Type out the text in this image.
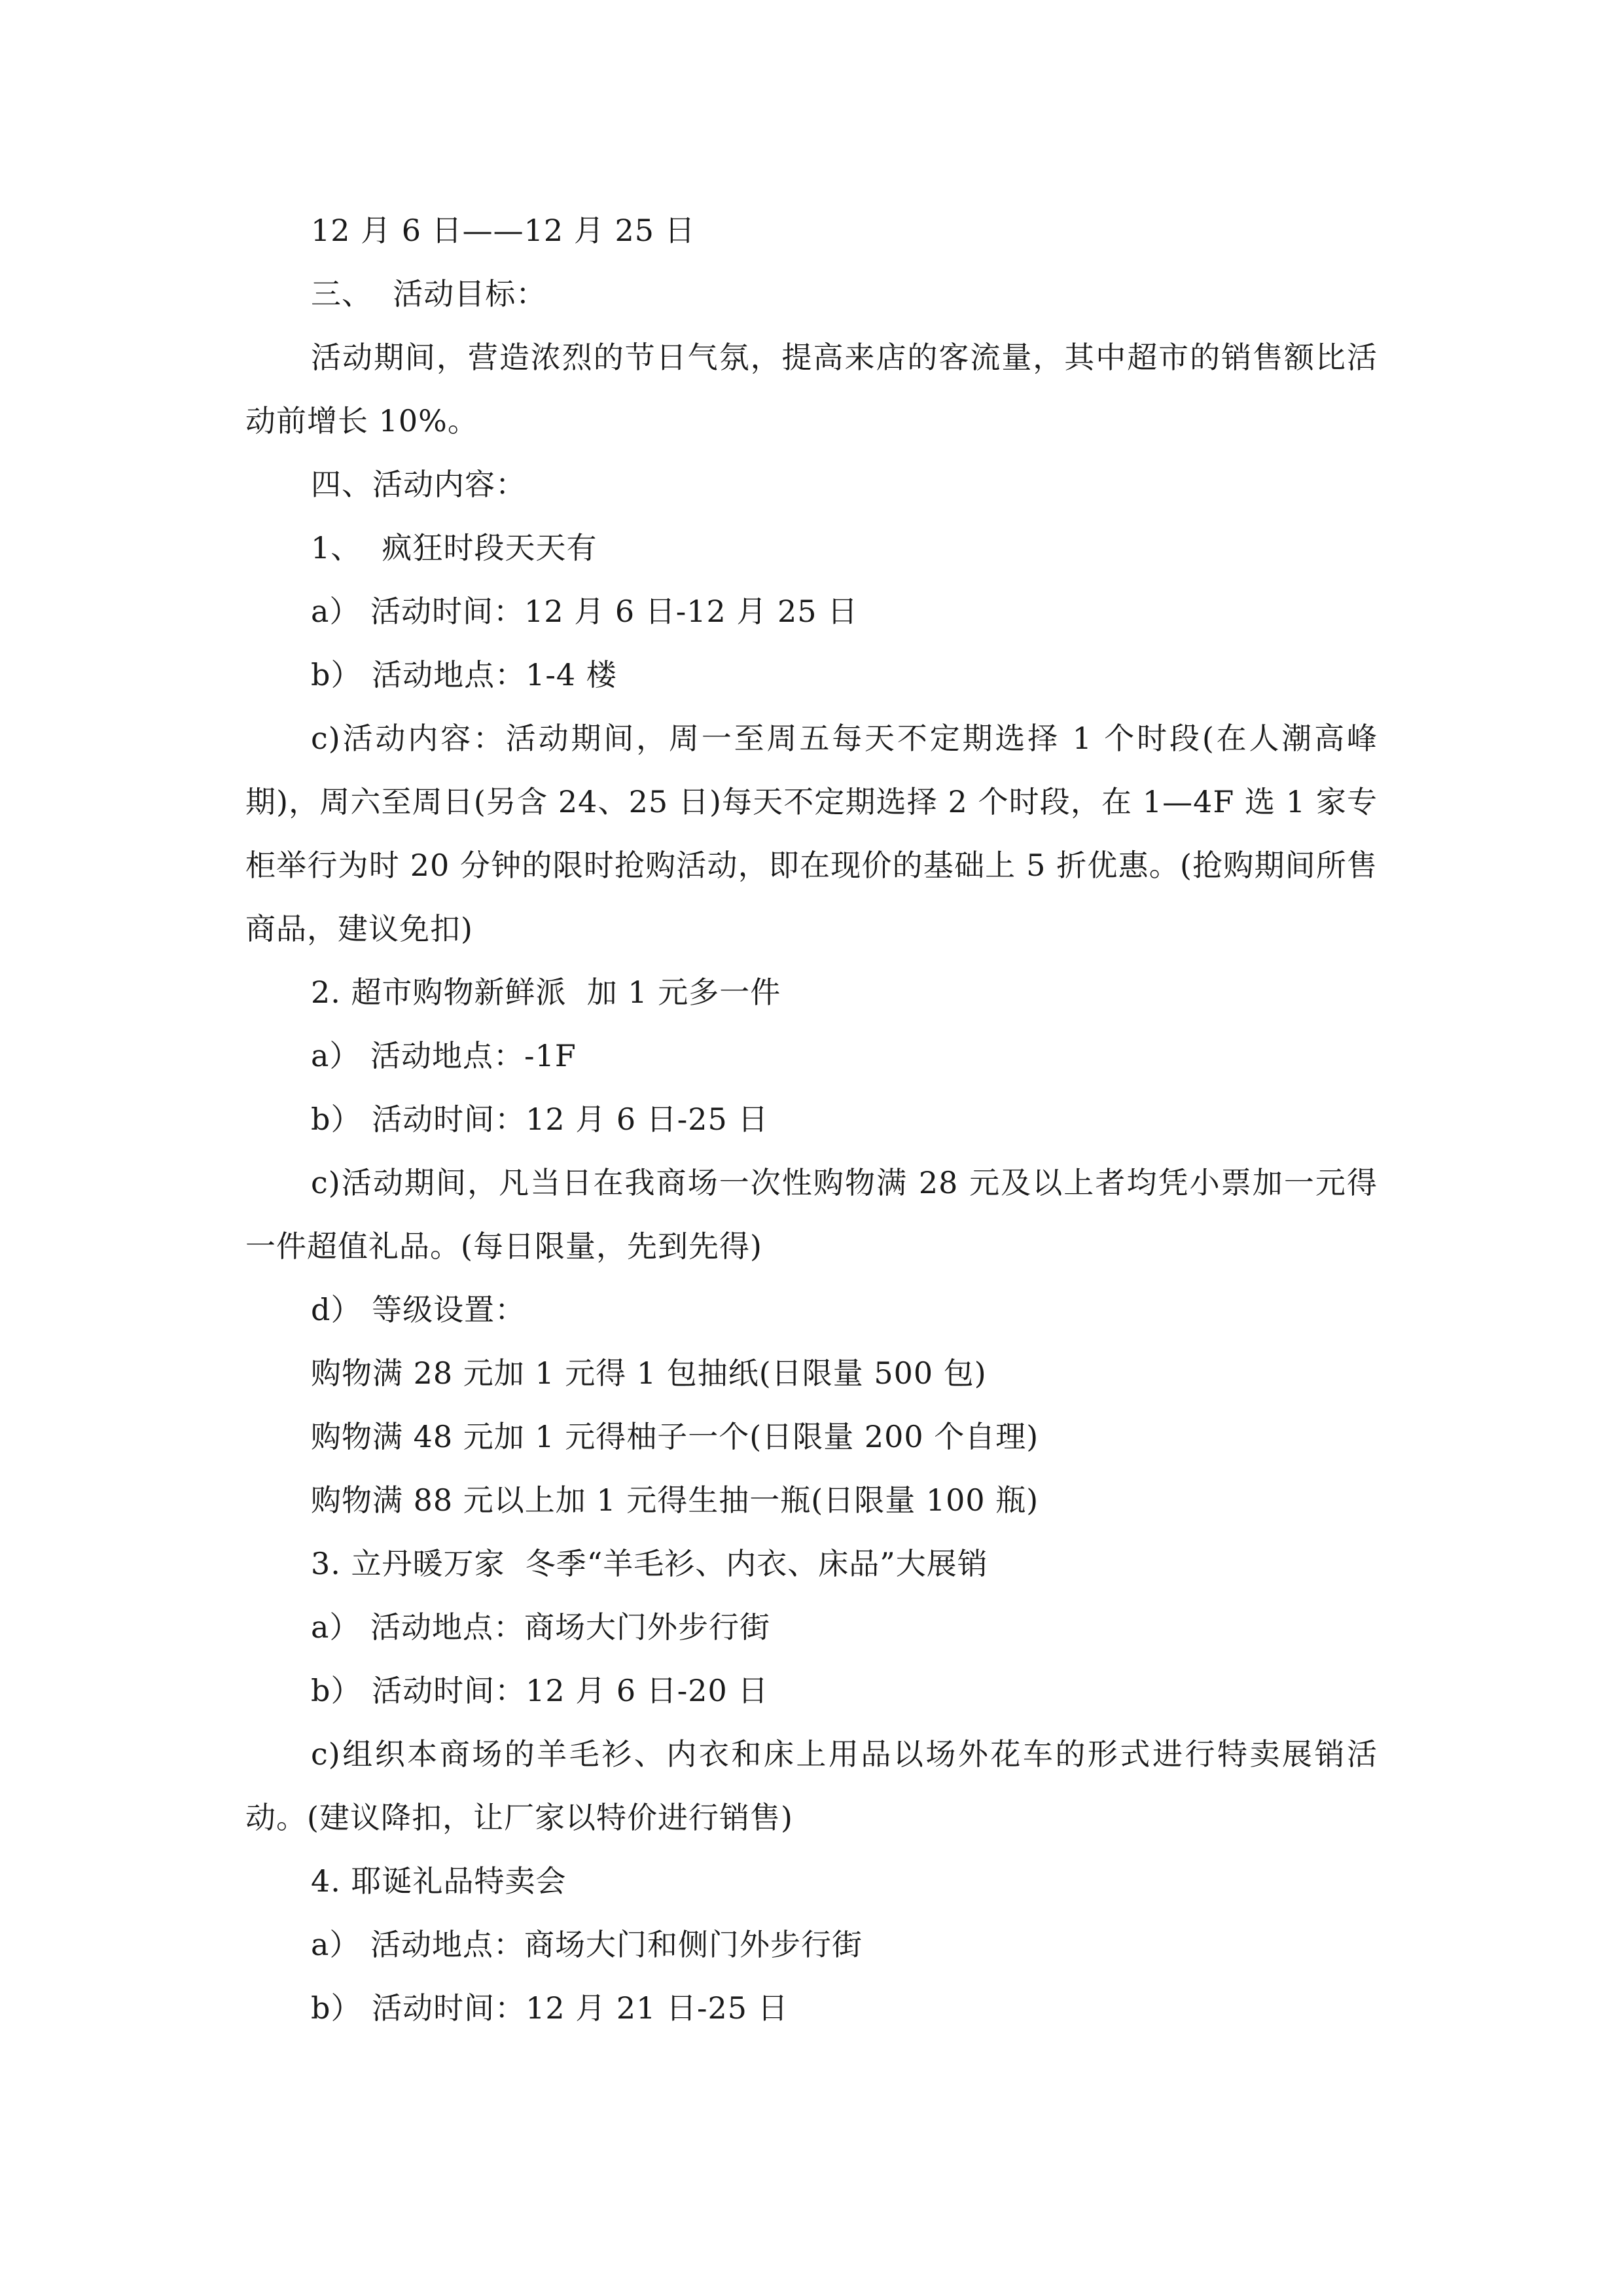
12 月 6 日——12 月 25 日
三、  活动目标：
活动期间，营造浓烈的节日气氛，提高来店的客流量，其中超市的销售额比活动前增长 10%。
四、活动内容：
1、  疯狂时段天天有
a） 活动时间：12 月 6 日-12 月 25 日
b） 活动地点：1-4 楼
c)活动内容：活动期间，周一至周五每天不定期选择 1 个时段(在人潮高峰期)，周六至周日(另含 24、25 日)每天不定期选择 2 个时段，在 1—4F 选 1 家专柜举行为时 20 分钟的限时抢购活动，即在现价的基础上 5 折优惠。(抢购期间所售商品，建议免扣)
2. 超市购物新鲜派  加 1 元多一件
a） 活动地点：-1F
b） 活动时间：12 月 6 日-25 日
c)活动期间，凡当日在我商场一次性购物满 28 元及以上者均凭小票加一元得一件超值礼品。(每日限量，先到先得)
d） 等级设置：
购物满 28 元加 1 元得 1 包抽纸(日限量 500 包)
购物满 48 元加 1 元得柚子一个(日限量 200 个自理)
购物满 88 元以上加 1 元得生抽一瓶(日限量 100 瓶)
3. 立丹暖万家  冬季“羊毛衫、内衣、床品”大展销
a） 活动地点：商场大门外步行街
b） 活动时间：12 月 6 日-20 日
c)组织本商场的羊毛衫、内衣和床上用品以场外花车的形式进行特卖展销活动。(建议降扣，让厂家以特价进行销售)
4. 耶诞礼品特卖会
a） 活动地点：商场大门和侧门外步行街
b） 活动时间：12 月 21 日-25 日
